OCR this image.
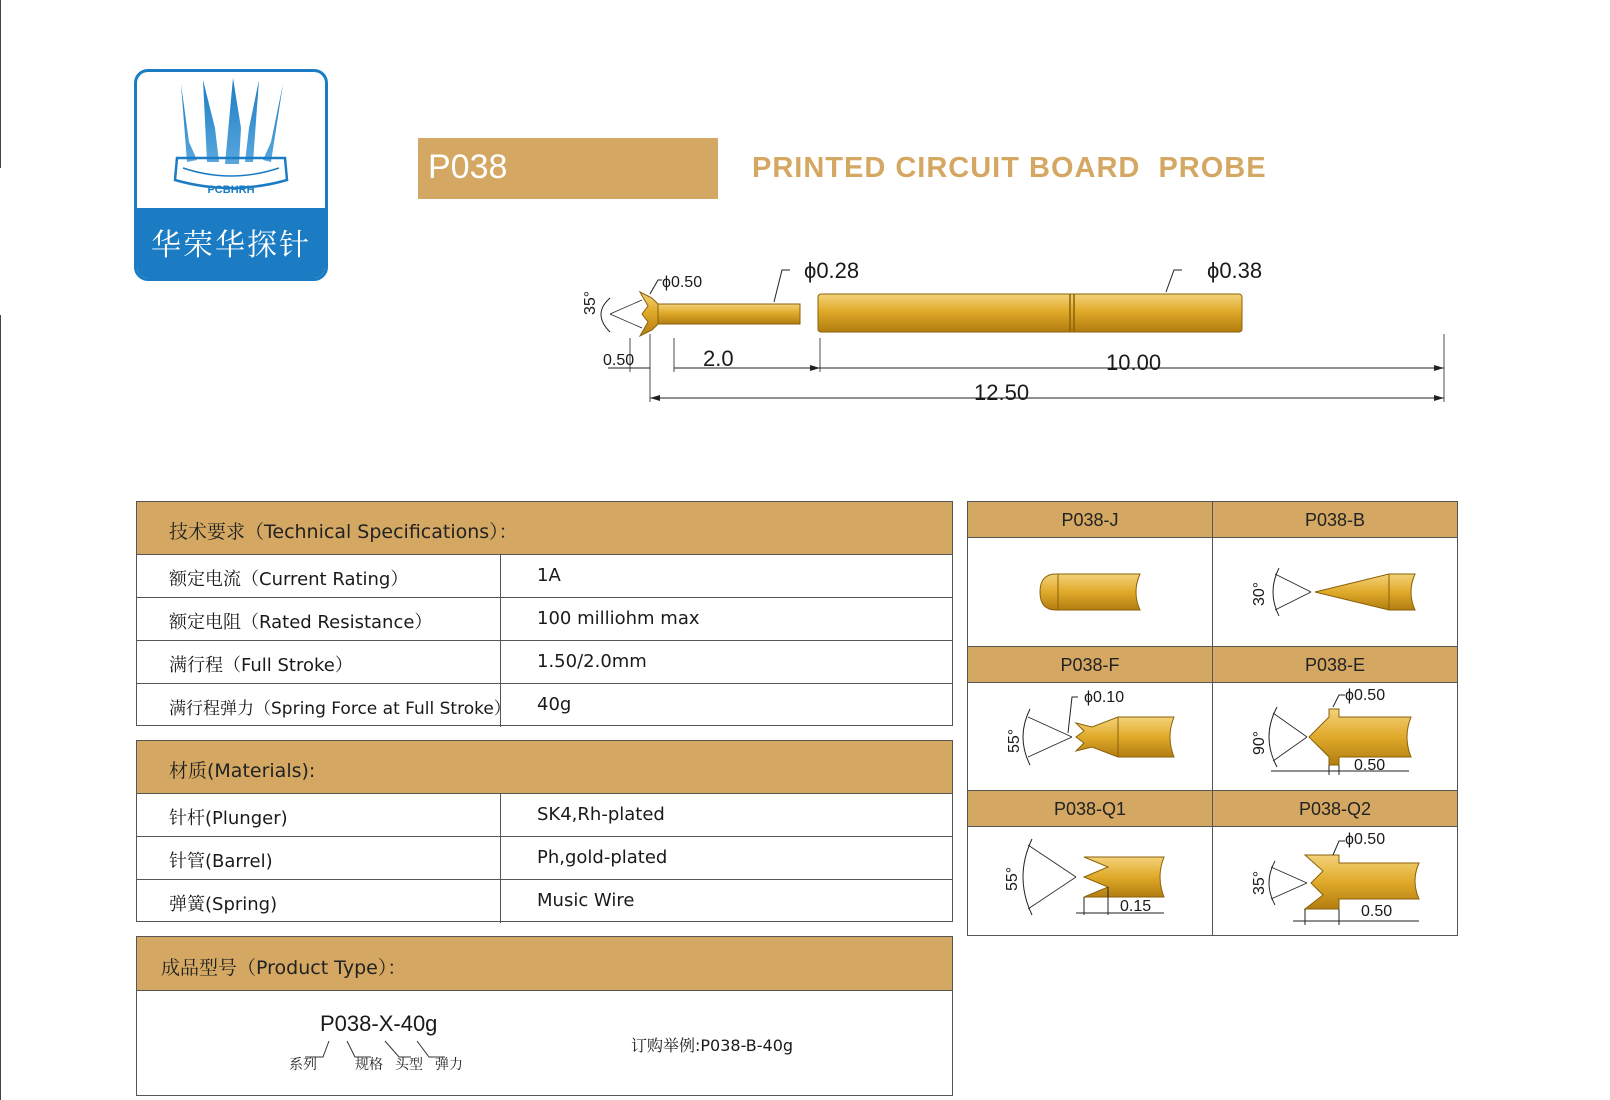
PCBHRH
华荣华探针
P038	PRINTED CIRCUIT BOARD  PROBE
ϕ0.28	ϕ0.38
ϕ0.50
35°
0.50	2.0	10.00
12.50
技术要求（Technical Specifications）：
额定电流（Current Rating）	1A
额定电阻（Rated Resistance）	100 milliohm max
满行程（Full Stroke）	1.50/2.0mm
满行程弹力（Spring Force at Full Stroke） 40g
材质(Materials):
针杆(Plunger)	SK4,Rh-plated
针管(Barrel)	Ph,gold-plated
弹簧(Spring)	Music Wire
成品型号（Product Type）：
P038-X-40g
系列	规格 头型 弹力
订购举例:P038-B-40g
P038-J	P038-B
30°
P038-F
ϕ0.10
55°
P038-E
ϕ0.50
90°
0.50
P038-Q1
55°
0.15
P038-Q2
35°
ϕ0.50
0.50
